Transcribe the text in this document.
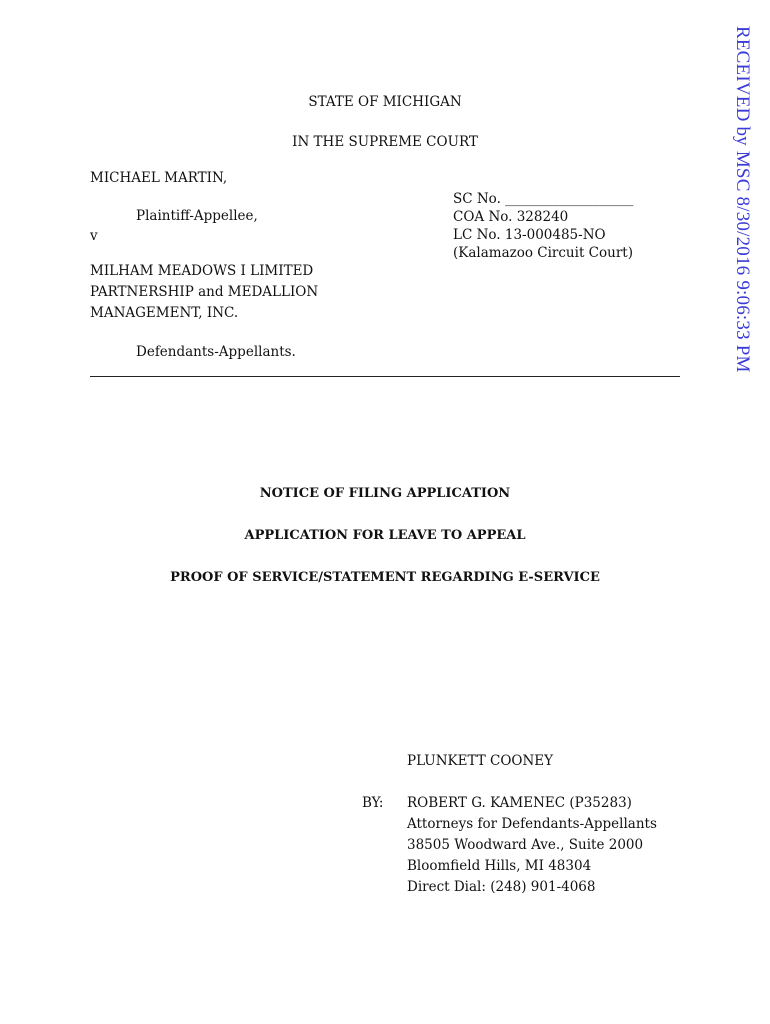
RECEIVED by MSC 8/30/2016 9:06:33 PM
STATE OF MICHIGAN
IN THE SUPREME COURT
MICHAEL MARTIN,
Plaintiff-Appellee,
v
MILHAM MEADOWS I LIMITED
PARTNERSHIP and MEDALLION
MANAGEMENT, INC.
Defendants-Appellants.
SC No. ___________________
COA No. 328240
LC No. 13-000485-NO
(Kalamazoo Circuit Court)
NOTICE OF FILING APPLICATION
APPLICATION FOR LEAVE TO APPEAL
PROOF OF SERVICE/STATEMENT REGARDING E-SERVICE
PLUNKETT COONEY
BY: ROBERT G. KAMENEC (P35283)
Attorneys for Defendants-Appellants
38505 Woodward Ave., Suite 2000
Bloomfield Hills, MI 48304
Direct Dial: (248) 901-4068
